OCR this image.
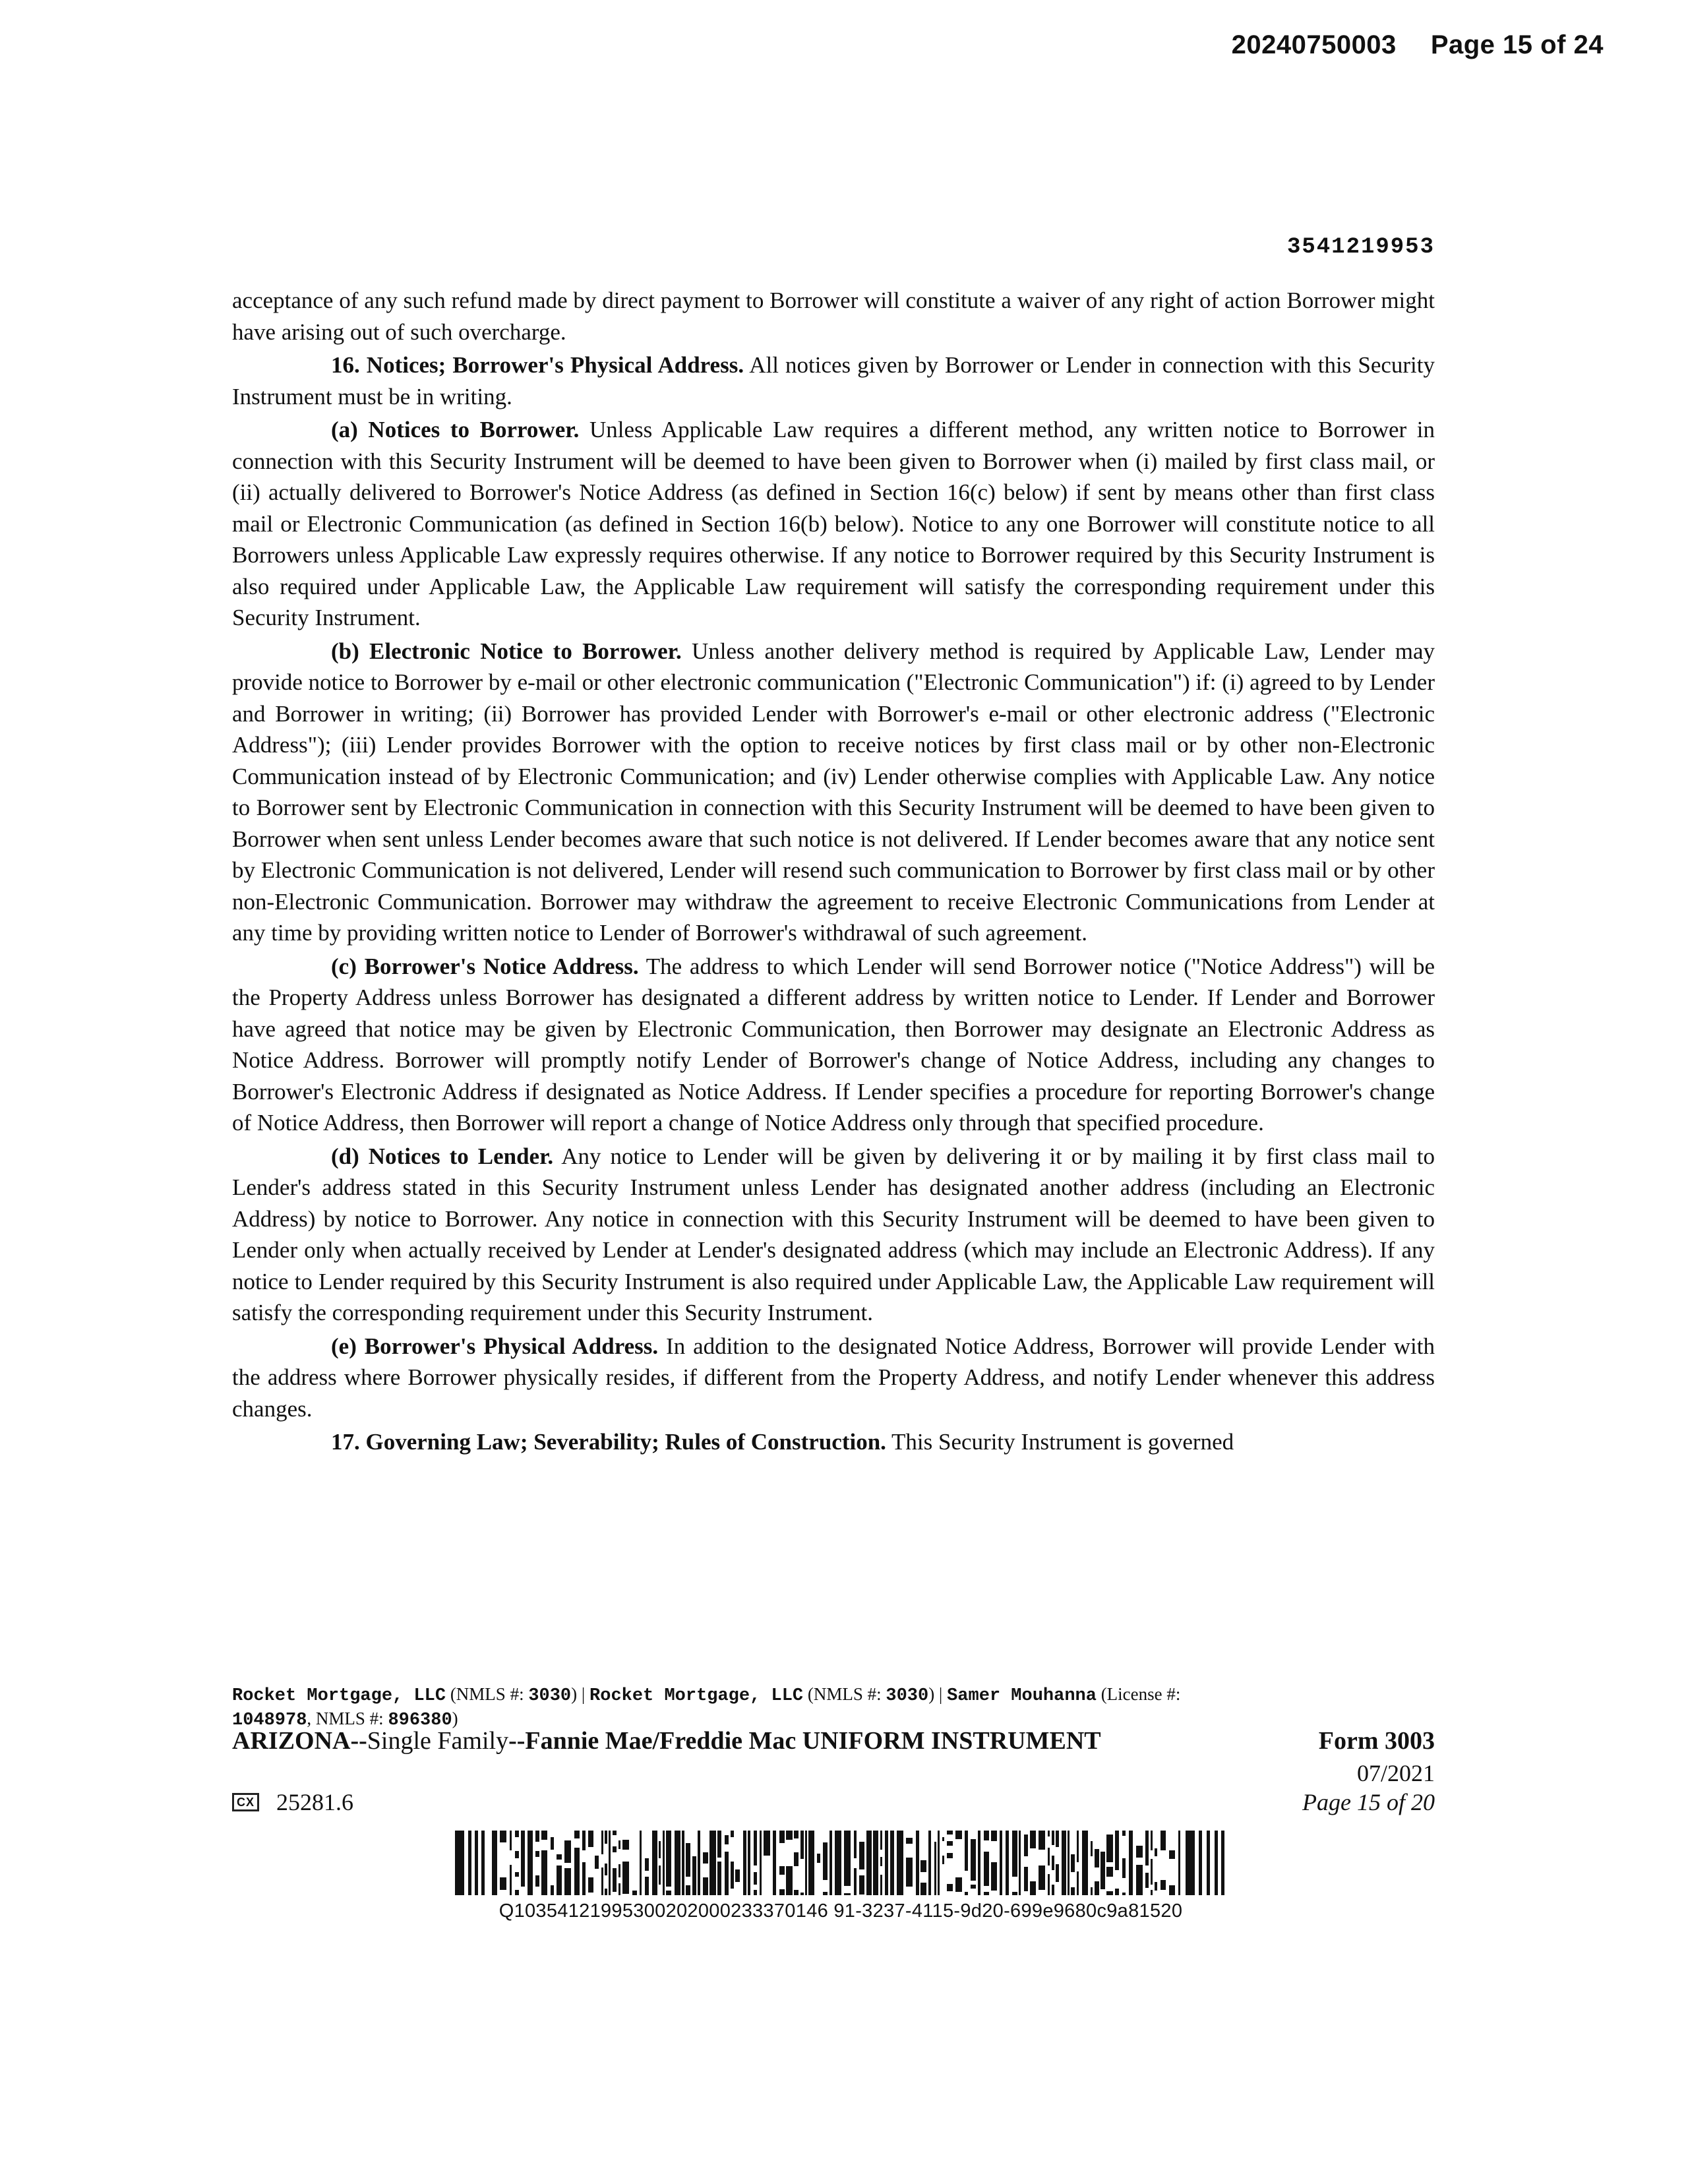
20240750003 Page 15 of 24
3541219953

acceptance of any such refund made by direct payment to Borrower will constitute a waiver of any right of action Borrower might have arising out of such overcharge.

16. Notices; Borrower's Physical Address. All notices given by Borrower or Lender in connection with this Security Instrument must be in writing.

(a) Notices to Borrower. Unless Applicable Law requires a different method, any written notice to Borrower in connection with this Security Instrument will be deemed to have been given to Borrower when (i) mailed by first class mail, or (ii) actually delivered to Borrower's Notice Address (as defined in Section 16(c) below) if sent by means other than first class mail or Electronic Communication (as defined in Section 16(b) below). Notice to any one Borrower will constitute notice to all Borrowers unless Applicable Law expressly requires otherwise. If any notice to Borrower required by this Security Instrument is also required under Applicable Law, the Applicable Law requirement will satisfy the corresponding requirement under this Security Instrument.

(b) Electronic Notice to Borrower. Unless another delivery method is required by Applicable Law, Lender may provide notice to Borrower by e-mail or other electronic communication ("Electronic Communication") if: (i) agreed to by Lender and Borrower in writing; (ii) Borrower has provided Lender with Borrower's e-mail or other electronic address ("Electronic Address"); (iii) Lender provides Borrower with the option to receive notices by first class mail or by other non-Electronic Communication instead of by Electronic Communication; and (iv) Lender otherwise complies with Applicable Law. Any notice to Borrower sent by Electronic Communication in connection with this Security Instrument will be deemed to have been given to Borrower when sent unless Lender becomes aware that such notice is not delivered. If Lender becomes aware that any notice sent by Electronic Communication is not delivered, Lender will resend such communication to Borrower by first class mail or by other non-Electronic Communication. Borrower may withdraw the agreement to receive Electronic Communications from Lender at any time by providing written notice to Lender of Borrower's withdrawal of such agreement.

(c) Borrower's Notice Address. The address to which Lender will send Borrower notice ("Notice Address") will be the Property Address unless Borrower has designated a different address by written notice to Lender. If Lender and Borrower have agreed that notice may be given by Electronic Communication, then Borrower may designate an Electronic Address as Notice Address. Borrower will promptly notify Lender of Borrower's change of Notice Address, including any changes to Borrower's Electronic Address if designated as Notice Address. If Lender specifies a procedure for reporting Borrower's change of Notice Address, then Borrower will report a change of Notice Address only through that specified procedure.

(d) Notices to Lender. Any notice to Lender will be given by delivering it or by mailing it by first class mail to Lender's address stated in this Security Instrument unless Lender has designated another address (including an Electronic Address) by notice to Borrower. Any notice in connection with this Security Instrument will be deemed to have been given to Lender only when actually received by Lender at Lender's designated address (which may include an Electronic Address). If any notice to Lender required by this Security Instrument is also required under Applicable Law, the Applicable Law requirement will satisfy the corresponding requirement under this Security Instrument.

(e) Borrower's Physical Address. In addition to the designated Notice Address, Borrower will provide Lender with the address where Borrower physically resides, if different from the Property Address, and notify Lender whenever this address changes.

17. Governing Law; Severability; Rules of Construction. This Security Instrument is governed

Rocket Mortgage, LLC (NMLS #: 3030) | Rocket Mortgage, LLC (NMLS #: 3030) | Samer Mouhanna (License #:
1048978, NMLS #: 896380)
ARIZONA--Single Family--Fannie Mae/Freddie Mac UNIFORM INSTRUMENT	Form 3003
07/2021
Page 15 of 20
CX 25281.6
Q10354121995300202000233370146 91-3237-4115-9d20-699e9680c9a81520
